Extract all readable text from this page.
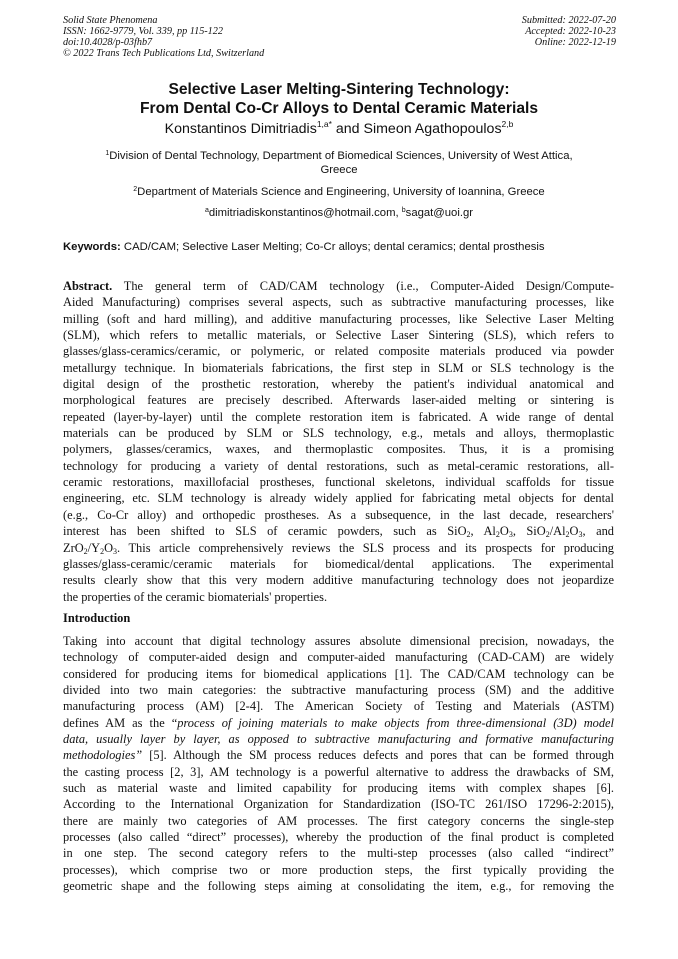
Solid State Phenomena
ISSN: 1662-9779, Vol. 339, pp 115-122
doi:10.4028/p-03fhb7
© 2022 Trans Tech Publications Ltd, Switzerland
Submitted: 2022-07-20
Accepted: 2022-10-23
Online: 2022-12-19
Selective Laser Melting-Sintering Technology:
From Dental Co-Cr Alloys to Dental Ceramic Materials
Konstantinos Dimitriadis$^{1,a*}$ and Simeon Agathopoulos$^{2,b}$
$^1$Division of Dental Technology, Department of Biomedical Sciences, University of West Attica,
Greece
$^2$Department of Materials Science and Engineering, University of Ioannina, Greece
$^a$dimitriadiskonstantinos@hotmail.com, $^b$sagat@uoi.gr
Keywords: CAD/CAM; Selective Laser Melting; Co-Cr alloys; dental ceramics; dental prosthesis
Abstract. The general term of CAD/CAM technology (i.e., Computer-Aided Design/Compute-
Aided Manufacturing) comprises several aspects, such as subtractive manufacturing processes, like
milling (soft and hard milling), and additive manufacturing processes, like Selective Laser Melting
(SLM), which refers to metallic materials, or Selective Laser Sintering (SLS), which refers to
glasses/glass-ceramics/ceramic, or polymeric, or related composite materials produced via powder
metallurgy technique. In biomaterials fabrications, the first step in SLM or SLS technology is the
digital design of the prosthetic restoration, whereby the patient's individual anatomical and
morphological features are precisely described. Afterwards laser-aided melting or sintering is
repeated (layer-by-layer) until the complete restoration item is fabricated. A wide range of dental
materials can be produced by SLM or SLS technology, e.g., metals and alloys, thermoplastic
polymers, glasses/ceramics, waxes, and thermoplastic composites. Thus, it is a promising
technology for producing a variety of dental restorations, such as metal-ceramic restorations, all-
ceramic restorations, maxillofacial prostheses, functional skeletons, individual scaffolds for tissue
engineering, etc. SLM technology is already widely applied for fabricating metal objects for dental
(e.g., Co-Cr alloy) and orthopedic prostheses. As a subsequence, in the last decade, researchers'
interest has been shifted to SLS of ceramic powders, such as SiO$_2$, $Al_2O_3$, $SiO_2/Al_2O_3$, and
$ZrO_2/Y_2O_3$. This article comprehensively reviews the SLS process and its prospects for producing
glasses/glass-ceramic/ceramic materials for biomedical/dental applications. The experimental
results clearly show that this very modern additive manufacturing technology does not jeopardize
the properties of the ceramic biomaterials' properties.
Introduction
Taking into account that digital technology assures absolute dimensional precision, nowadays, the
technology of computer-aided design and computer-aided manufacturing (CAD-CAM) are widely
considered for producing items for biomedical applications [1]. The CAD/CAM technology can be
divided into two main categories: the subtractive manufacturing process (SM) and the additive
manufacturing process (AM) [2-4]. The American Society of Testing and Materials (ASTM)
defines AM as the “process of joining materials to make objects from three-dimensional (3D) model
data, usually layer by layer, as opposed to subtractive manufacturing and formative manufacturing
methodologies” [5]. Although the SM process reduces defects and pores that can be formed through
the casting process [2, 3], AM technology is a powerful alternative to address the drawbacks of SM,
such as material waste and limited capability for producing items with complex shapes [6].
According to the International Organization for Standardization (ISO-TC 261/ISO 17296-2:2015),
there are mainly two categories of AM processes. The first category concerns the single-step
processes (also called “direct” processes), whereby the production of the final product is completed
in one step. The second category refers to the multi-step processes (also called “indirect”
processes), which comprise two or more production steps, the first typically providing the
geometric shape and the following steps aiming at consolidating the item, e.g., for removing the
